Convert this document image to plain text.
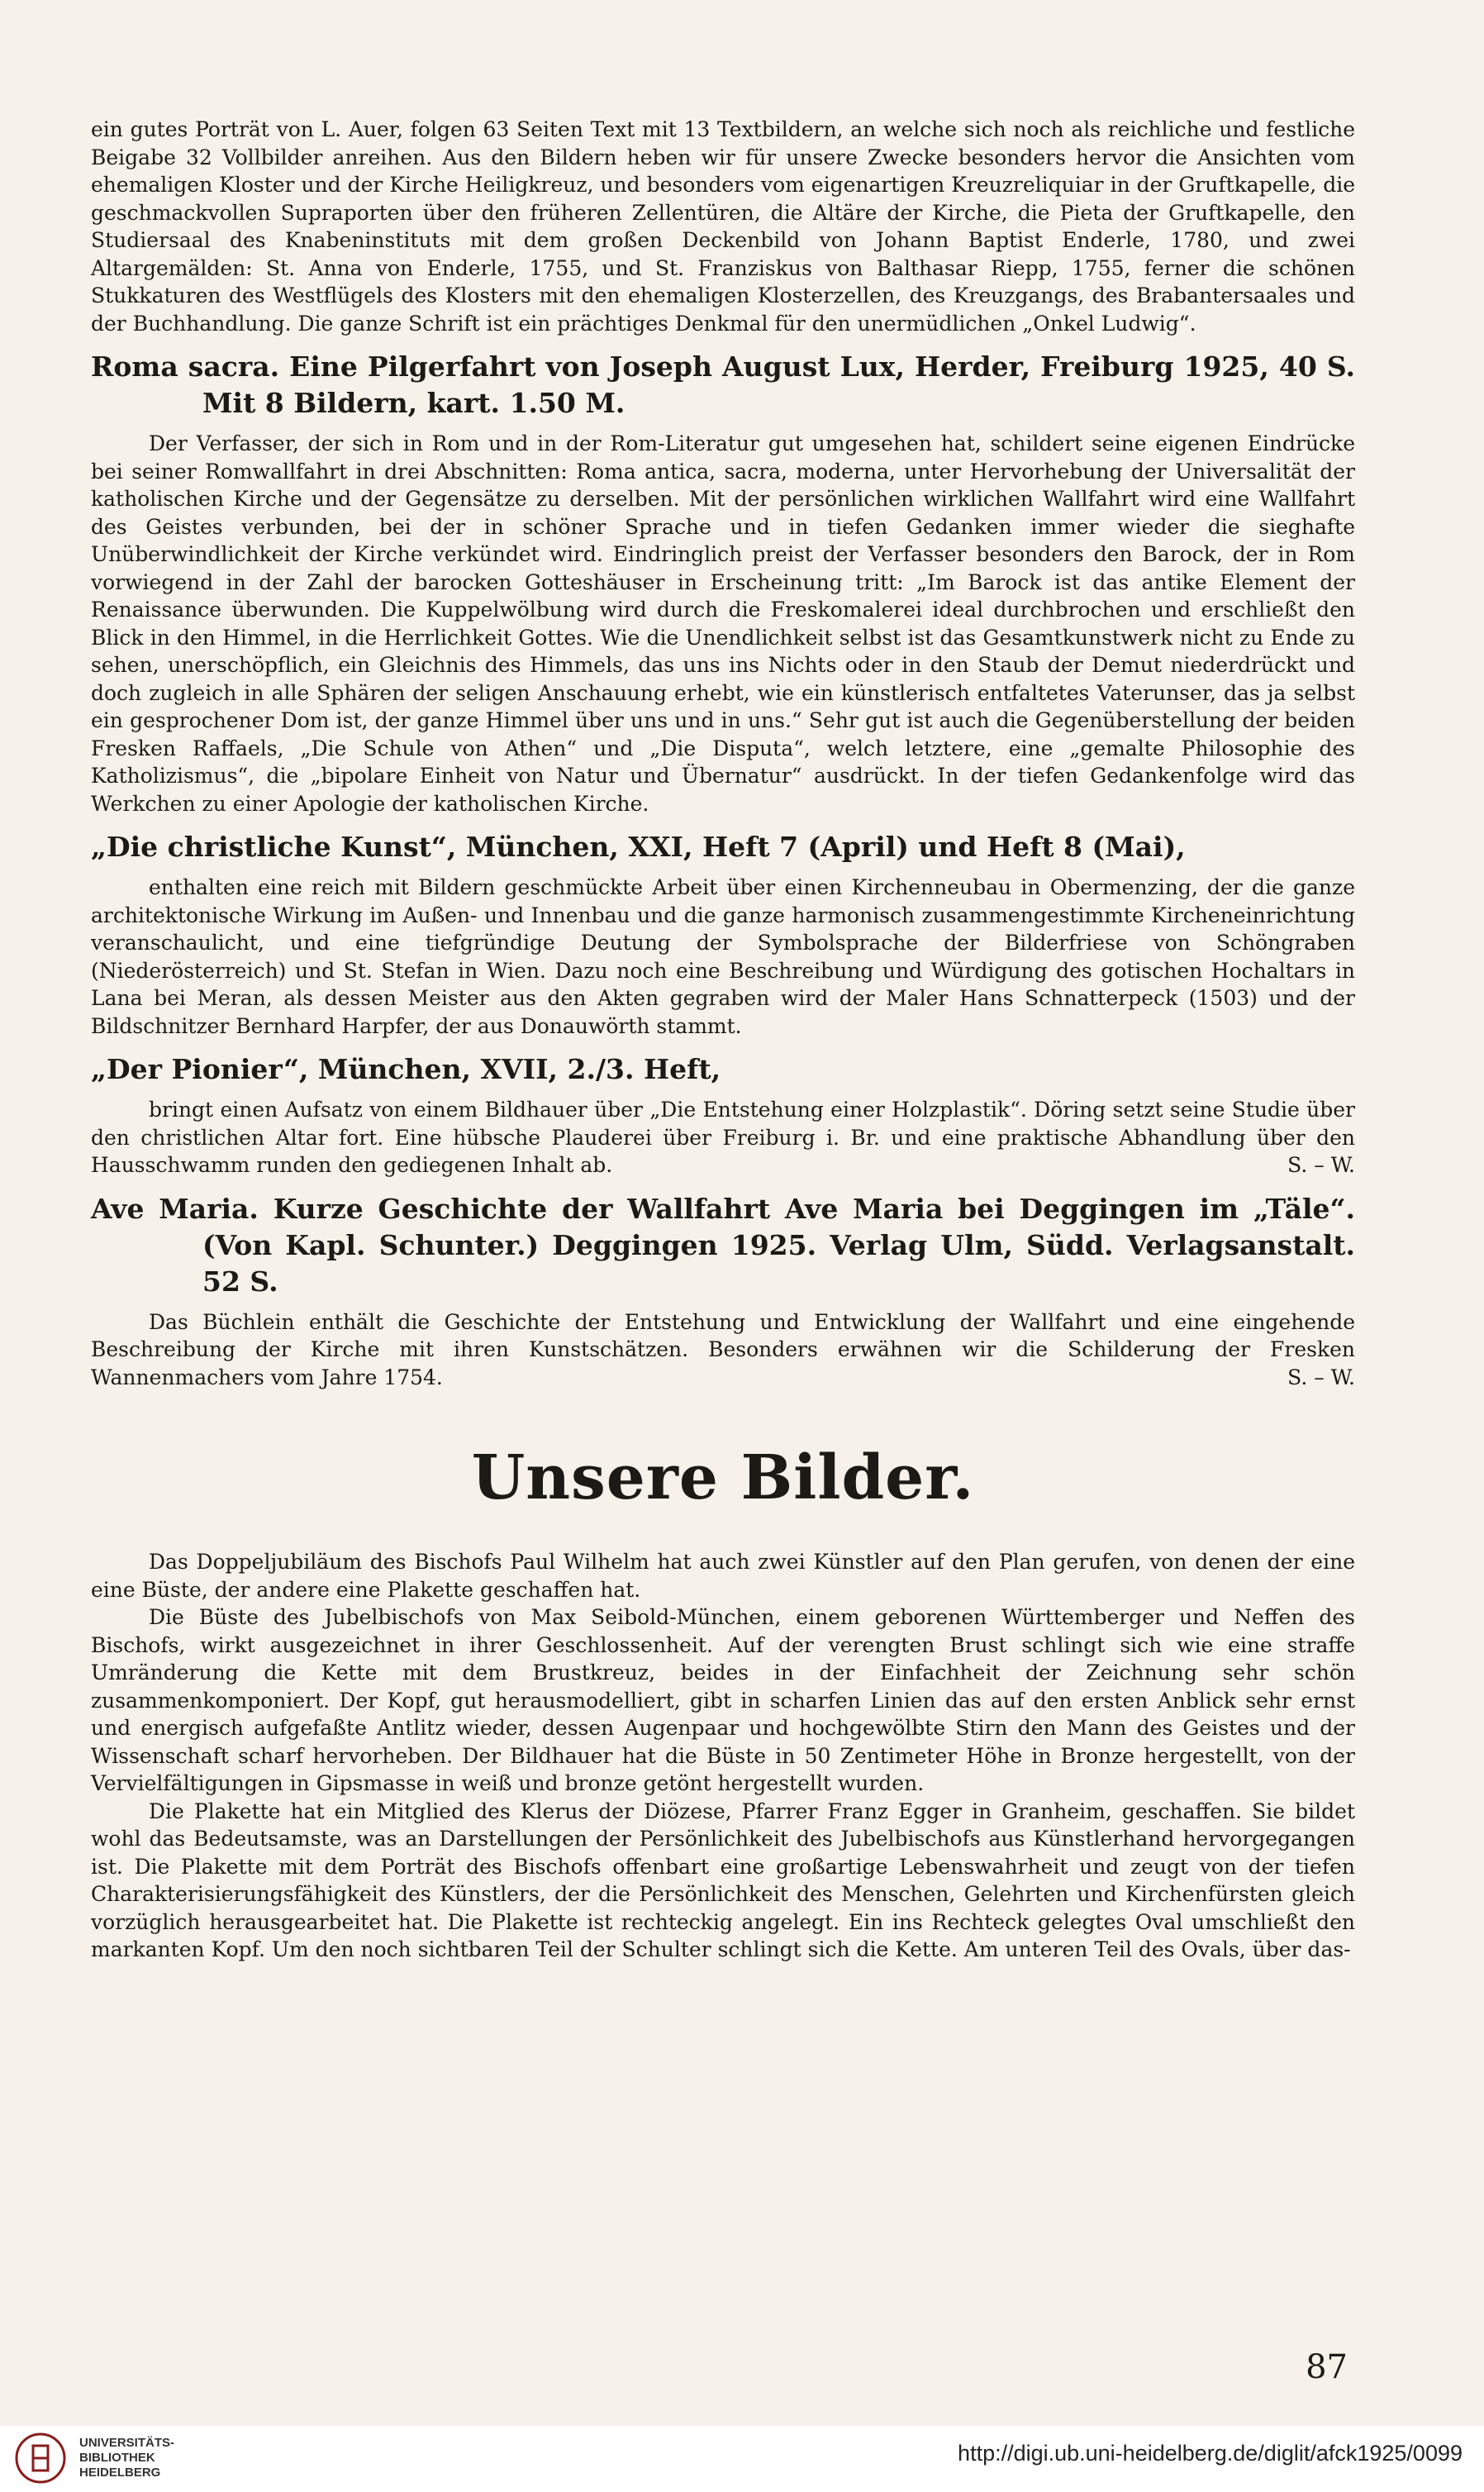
ein gutes Porträt von L. Auer, folgen 63 Seiten Text mit 13 Textbildern, an welche sich noch als reichliche und festliche Beigabe 32 Vollbilder anreihen. Aus den Bildern heben wir für unsere Zwecke besonders hervor die Ansichten vom ehemaligen Kloster und der Kirche Heiligkreuz, und besonders vom eigenartigen Kreuzreliquiar in der Gruftkapelle, die geschmackvollen Supraporten über den früheren Zellentüren, die Altäre der Kirche, die Pieta der Gruftkapelle, den Studiersaal des Knabeninstituts mit dem großen Deckenbild von Johann Baptist Enderle, 1780, und zwei Altargemälden: St. Anna von Enderle, 1755, und St. Franziskus von Balthasar Riepp, 1755, ferner die schönen Stukkaturen des Westflügels des Klosters mit den ehemaligen Klosterzellen, des Kreuzgangs, des Brabantersaales und der Buchhandlung. Die ganze Schrift ist ein prächtiges Denkmal für den unermüdlichen „Onkel Ludwig“.

Roma sacra. Eine Pilgerfahrt von Joseph August Lux, Herder, Freiburg 1925, 40 S. Mit 8 Bildern, kart. 1.50 M.

Der Verfasser, der sich in Rom und in der Rom-Literatur gut umgesehen hat, schildert seine eigenen Eindrücke bei seiner Romwallfahrt in drei Abschnitten: Roma antica, sacra, moderna, unter Hervorhebung der Universalität der katholischen Kirche und der Gegensätze zu derselben. Mit der persönlichen wirklichen Wallfahrt wird eine Wallfahrt des Geistes verbunden, bei der in schöner Sprache und in tiefen Gedanken immer wieder die sieghafte Unüberwindlichkeit der Kirche verkündet wird. Eindringlich preist der Verfasser besonders den Barock, der in Rom vorwiegend in der Zahl der barocken Gotteshäuser in Erscheinung tritt: „Im Barock ist das antike Element der Renaissance überwunden. Die Kuppelwölbung wird durch die Freskomalerei ideal durchbrochen und erschließt den Blick in den Himmel, in die Herrlichkeit Gottes. Wie die Unendlichkeit selbst ist das Gesamtkunstwerk nicht zu Ende zu sehen, unerschöpflich, ein Gleichnis des Himmels, das uns ins Nichts oder in den Staub der Demut niederdrückt und doch zugleich in alle Sphären der seligen Anschauung erhebt, wie ein künstlerisch entfaltetes Vaterunser, das ja selbst ein gesprochener Dom ist, der ganze Himmel über uns und in uns.“ Sehr gut ist auch die Gegenüberstellung der beiden Fresken Raffaels, „Die Schule von Athen“ und „Die Disputa“, welch letztere, eine „gemalte Philosophie des Katholizismus“, die „bipolare Einheit von Natur und Übernatur“ ausdrückt. In der tiefen Gedankenfolge wird das Werkchen zu einer Apologie der katholischen Kirche.

„Die christliche Kunst“, München, XXI, Heft 7 (April) und Heft 8 (Mai),

enthalten eine reich mit Bildern geschmückte Arbeit über einen Kirchenneubau in Obermenzing, der die ganze architektonische Wirkung im Außen- und Innenbau und die ganze harmonisch zusammengestimmte Kircheneinrichtung veranschaulicht, und eine tiefgründige Deutung der Symbolsprache der Bilderfriese von Schöngraben (Niederösterreich) und St. Stefan in Wien. Dazu noch eine Beschreibung und Würdigung des gotischen Hochaltars in Lana bei Meran, als dessen Meister aus den Akten gegraben wird der Maler Hans Schnatterpeck (1503) und der Bildschnitzer Bernhard Harpfer, der aus Donauwörth stammt.

„Der Pionier“, München, XVII, 2./3. Heft,

bringt einen Aufsatz von einem Bildhauer über „Die Entstehung einer Holzplastik“. Döring setzt seine Studie über den christlichen Altar fort. Eine hübsche Plauderei über Freiburg i. Br. und eine praktische Abhandlung über den Hausschwamm runden den gediegenen Inhalt ab.	S. – W.

Ave Maria. Kurze Geschichte der Wallfahrt Ave Maria bei Deggingen im „Täle“. (Von Kapl. Schunter.) Deggingen 1925. Verlag Ulm, Südd. Verlagsanstalt. 52 S.

Das Büchlein enthält die Geschichte der Entstehung und Entwicklung der Wallfahrt und eine eingehende Beschreibung der Kirche mit ihren Kunstschätzen. Besonders erwähnen wir die Schilderung der Fresken Wannenmachers vom Jahre 1754.	S. – W.

Unsere Bilder.

Das Doppeljubiläum des Bischofs Paul Wilhelm hat auch zwei Künstler auf den Plan gerufen, von denen der eine eine Büste, der andere eine Plakette geschaffen hat.

Die Büste des Jubelbischofs von Max Seibold-München, einem geborenen Württemberger und Neffen des Bischofs, wirkt ausgezeichnet in ihrer Geschlossenheit. Auf der verengten Brust schlingt sich wie eine straffe Umränderung die Kette mit dem Brustkreuz, beides in der Einfachheit der Zeichnung sehr schön zusammenkomponiert. Der Kopf, gut herausmodelliert, gibt in scharfen Linien das auf den ersten Anblick sehr ernst und energisch aufgefaßte Antlitz wieder, dessen Augenpaar und hochgewölbte Stirn den Mann des Geistes und der Wissenschaft scharf hervorheben. Der Bildhauer hat die Büste in 50 Zentimeter Höhe in Bronze hergestellt, von der Vervielfältigungen in Gipsmasse in weiß und bronze getönt hergestellt wurden.

Die Plakette hat ein Mitglied des Klerus der Diözese, Pfarrer Franz Egger in Granheim, geschaffen. Sie bildet wohl das Bedeutsamste, was an Darstellungen der Persönlichkeit des Jubelbischofs aus Künstlerhand hervorgegangen ist. Die Plakette mit dem Porträt des Bischofs offenbart eine großartige Lebenswahrheit und zeugt von der tiefen Charakterisierungsfähigkeit des Künstlers, der die Persönlichkeit des Menschen, Gelehrten und Kirchenfürsten gleich vorzüglich herausgearbeitet hat. Die Plakette ist rechteckig angelegt. Ein ins Rechteck gelegtes Oval umschließt den markanten Kopf. Um den noch sichtbaren Teil der Schulter schlingt sich die Kette. Am unteren Teil des Ovals, über das-

87
UNIVERSITÄTS-
BIBLIOTHEK
HEIDELBERG
http://digi.ub.uni-heidelberg.de/diglit/afck1925/0099
